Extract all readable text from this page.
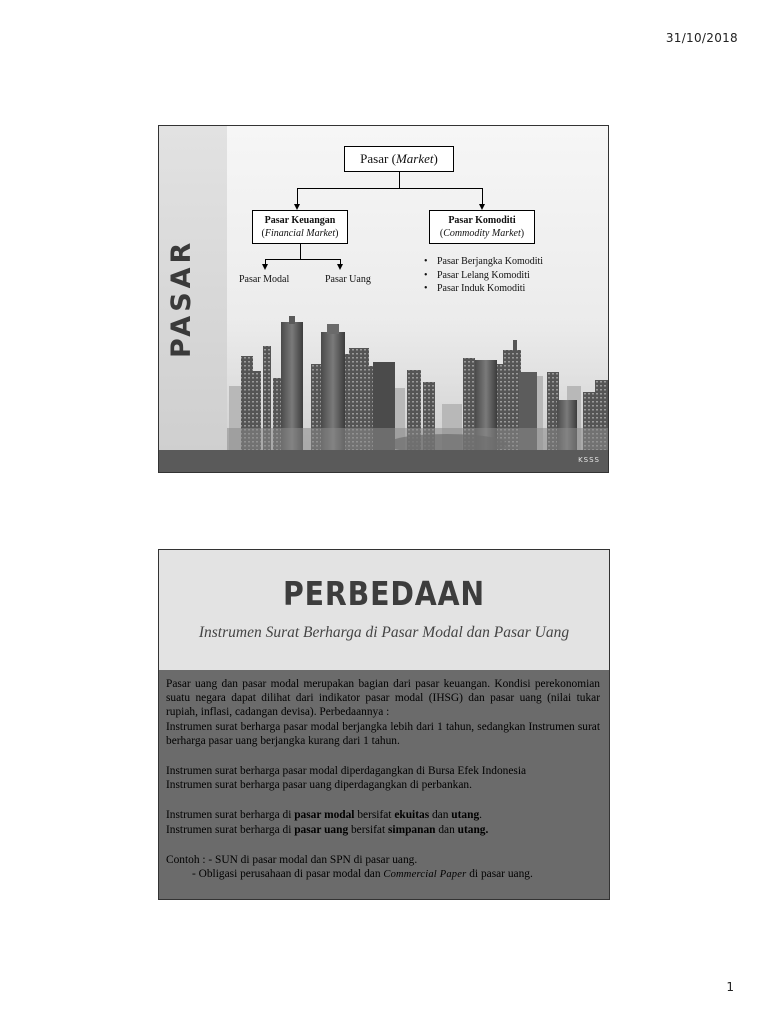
31/10/2018
PASAR
Pasar (Market)
Pasar Keuangan
(Financial Market)
Pasar Komoditi
(Commodity Market)
Pasar Modal	Pasar Uang
• Pasar Berjangka Komoditi
• Pasar Lelang Komoditi
• Pasar Induk Komoditi
KSSS
PERBEDAAN
Instrumen Surat Berharga di Pasar Modal dan Pasar Uang

Pasar uang dan pasar modal merupakan bagian dari pasar keuangan. Kondisi perekonomian suatu negara dapat dilihat dari indikator pasar modal (IHSG) dan pasar uang (nilai tukar rupiah, inflasi, cadangan devisa). Perbedaannya :

Instrumen surat berharga pasar modal berjangka lebih dari 1 tahun, sedangkan Instrumen surat berharga pasar uang berjangka kurang dari 1 tahun.

Instrumen surat berharga pasar modal diperdagangkan di Bursa Efek Indonesia

Instrumen surat berharga pasar uang diperdagangkan di perbankan.

Instrumen surat berharga di pasar modal bersifat ekuitas dan utang.

Instrumen surat berharga di pasar uang bersifat simpanan dan utang.

Contoh : - SUN di pasar modal dan SPN di pasar uang.

- Obligasi perusahaan di pasar modal dan Commercial Paper di pasar uang.

1
